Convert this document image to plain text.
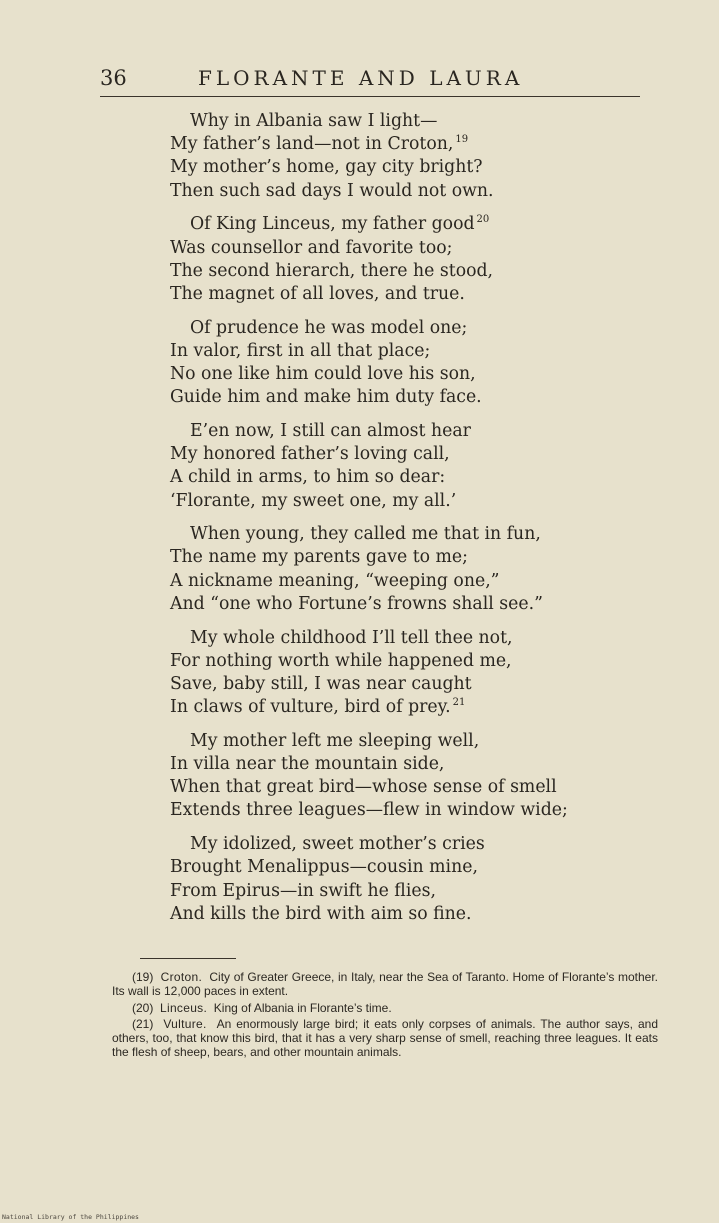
36	FLORANTE AND LAURA
Why in Albania saw I light—
My father’s land—not in Croton, $^{19}$
My mother’s home, gay city bright?
Then such sad days I would not own.
Of King Linceus, my father good $^{20}$
Was counsellor and favorite too;
The second hierarch, there he stood,
The magnet of all loves, and true.
Of prudence he was model one;
In valor, first in all that place;
No one like him could love his son,
Guide him and make him duty face.
E’en now, I still can almost hear
My honored father’s loving call,
A child in arms, to him so dear:
‘Florante, my sweet one, my all.’
When young, they called me that in fun,
The name my parents gave to me;
A nickname meaning, “weeping one,”
And “one who Fortune’s frowns shall see.”
My whole childhood I’ll tell thee not,
For nothing worth while happened me,
Save, baby still, I was near caught
In claws of vulture, bird of prey. $^{21}$
My mother left me sleeping well,
In villa near the mountain side,
When that great bird—whose sense of smell
Extends three leagues—flew in window wide;
My idolized, sweet mother’s cries
Brought Menalippus—cousin mine,
From Epirus—in swift he flies,
And kills the bird with aim so fine.
(19) Croton. City of Greater Greece, in Italy, near the Sea of Taranto. Home of Florante’s mother. Its wall is 12,000 paces in extent.
(20) Linceus. King of Albania in Florante’s time.
(21) Vulture. An enormously large bird; it eats only corpses of animals. The author says, and others, too, that know this bird, that it has a very sharp sense of smell, reaching three leagues. It eats the flesh of sheep, bears, and other mountain animals.
National Library of the Philippines
